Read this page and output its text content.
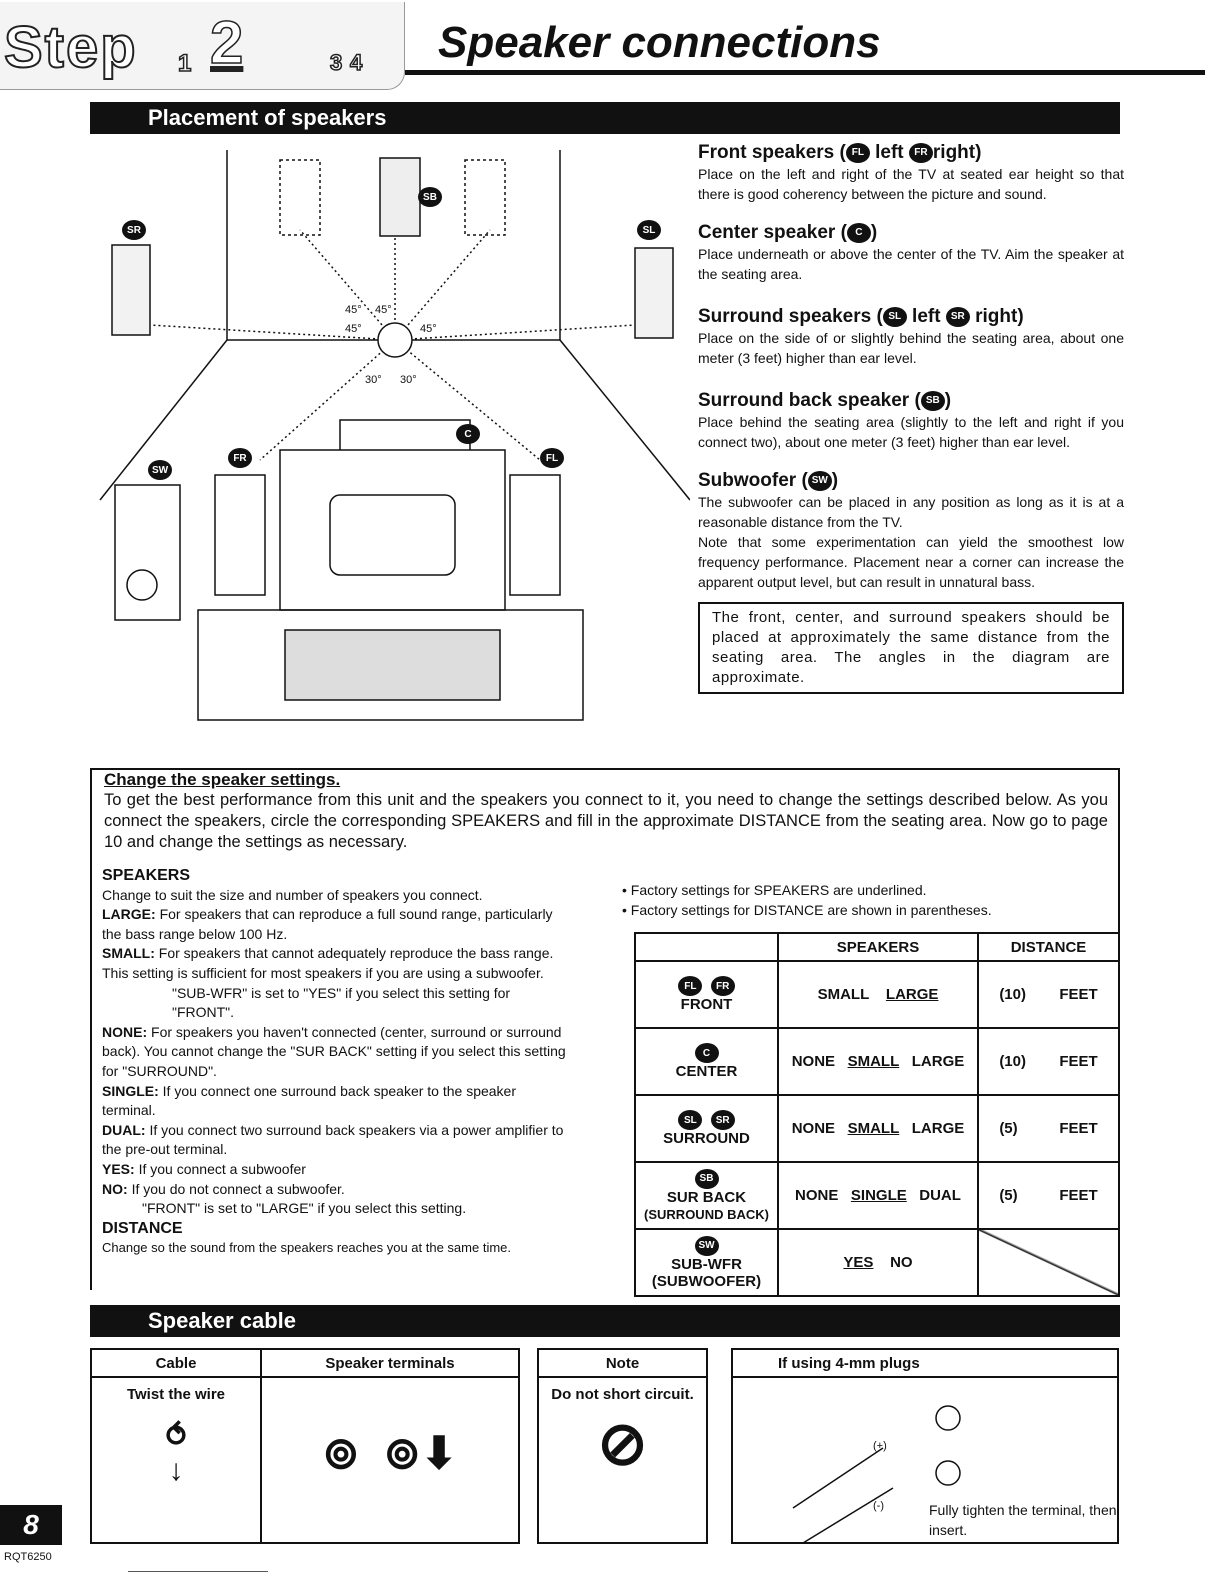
Step 1 2	3 4 Speaker connections
Placement of speakers
45° 45°
45°	45°
30° 30°
SR	SL
SB
C
FR	FL
SW
Front speakers ( FL left FR right)

Place on the left and right of the TV at seated ear height so that there is good coherency between the picture and sound.

Center speaker ( C )

Place underneath or above the center of the TV. Aim the speaker at the seating area.

Surround speakers ( SL left SR right)

Place on the side of or slightly behind the seating area, about one meter (3 feet) higher than ear level.

Surround back speaker ( SB )

Place behind the seating area (slightly to the left and right if you connect two), about one meter (3 feet) higher than ear level.

Subwoofer ( SW )

The subwoofer can be placed in any position as long as it is at a reasonable distance from the TV.

Note that some experimentation can yield the smoothest low frequency performance. Placement near a corner can increase the apparent output level, but can result in unnatural bass.

The front, center, and surround speakers should be placed at approximately the same distance from the seating area. The angles in the diagram are approximate.
Change the speaker settings.

To get the best performance from this unit and the speakers you connect to it, you need to change the settings described below. As you connect the speakers, circle the corresponding SPEAKERS and fill in the approximate DISTANCE from the seating area. Now go to page 10 and change the settings as necessary.

SPEAKERS
Change to suit the size and number of speakers you connect.
LARGE: For speakers that can reproduce a full sound range, particularly the bass range below 100 Hz.
SMALL: For speakers that cannot adequately reproduce the bass range. This setting is sufficient for most speakers if you are using a subwoofer.
"SUB-WFR" is set to "YES" if you select this setting for "FRONT".
NONE: For speakers you haven't connected (center, surround or surround back). You cannot change the "SUR BACK" setting if you select this setting for "SURROUND".
SINGLE: If you connect one surround back speaker to the speaker terminal.
DUAL: If you connect two surround back speakers via a power amplifier to the pre-out terminal.
YES: If you connect a subwoofer
NO: If you do not connect a subwoofer.
"FRONT" is set to "LARGE" if you select this setting.
DISTANCE
Change so the sound from the speakers reaches you at the same time.
• Factory settings for SPEAKERS are underlined.
• Factory settings for DISTANCE are shown in parentheses.
	SPEAKERS	DISTANCE
FL FR
FRONT	SMALL LARGE	(10) FEET
C
CENTER	NONE SMALL LARGE	(10) FEET
SL SR
SURROUND	NONE SMALL LARGE	(5) FEET
SB
SUR BACK
(SURROUND BACK)	NONE SINGLE DUAL	(5) FEET
SW
SUB-WFR
(SUBWOOFER)	YES NO	
Speaker cable
Cable	Speaker terminals

Twist the wire
⥀
↓	⊚  ⊚⬇
Note

Do not short circuit.
⊘
If using 4-mm plugs

(+)
(-)	Fully tighten the terminal, then insert.
8
RQT6250
